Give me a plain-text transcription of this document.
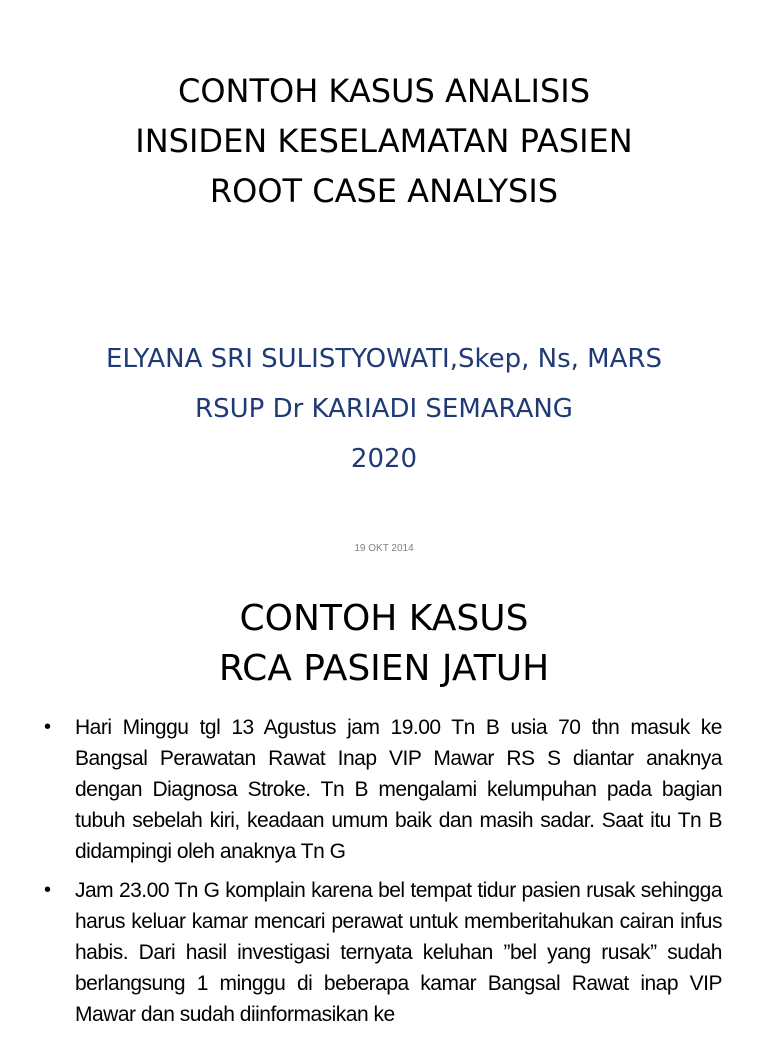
CONTOH KASUS ANALISIS
INSIDEN KESELAMATAN PASIEN
ROOT CASE ANALYSIS
ELYANA SRI SULISTYOWATI,Skep, Ns, MARS
RSUP Dr KARIADI SEMARANG
2020
19 OKT 2014
CONTOH KASUS
RCA PASIEN JATUH
• Hari Minggu tgl 13 Agustus jam 19.00 Tn B usia 70 thn masuk ke Bangsal Perawatan Rawat Inap VIP Mawar RS S diantar anaknya dengan Diagnosa Stroke. Tn B mengalami kelumpuhan pada bagian tubuh sebelah kiri, keadaan umum baik dan masih sadar. Saat itu Tn B didampingi oleh anaknya Tn G
• Jam 23.00 Tn G komplain karena bel tempat tidur pasien rusak sehingga harus keluar kamar mencari perawat untuk memberitahukan cairan infus habis. Dari hasil investigasi ternyata keluhan ”bel yang rusak” sudah berlangsung 1 minggu di beberapa kamar Bangsal Rawat inap VIP Mawar dan sudah diinformasikan ke
